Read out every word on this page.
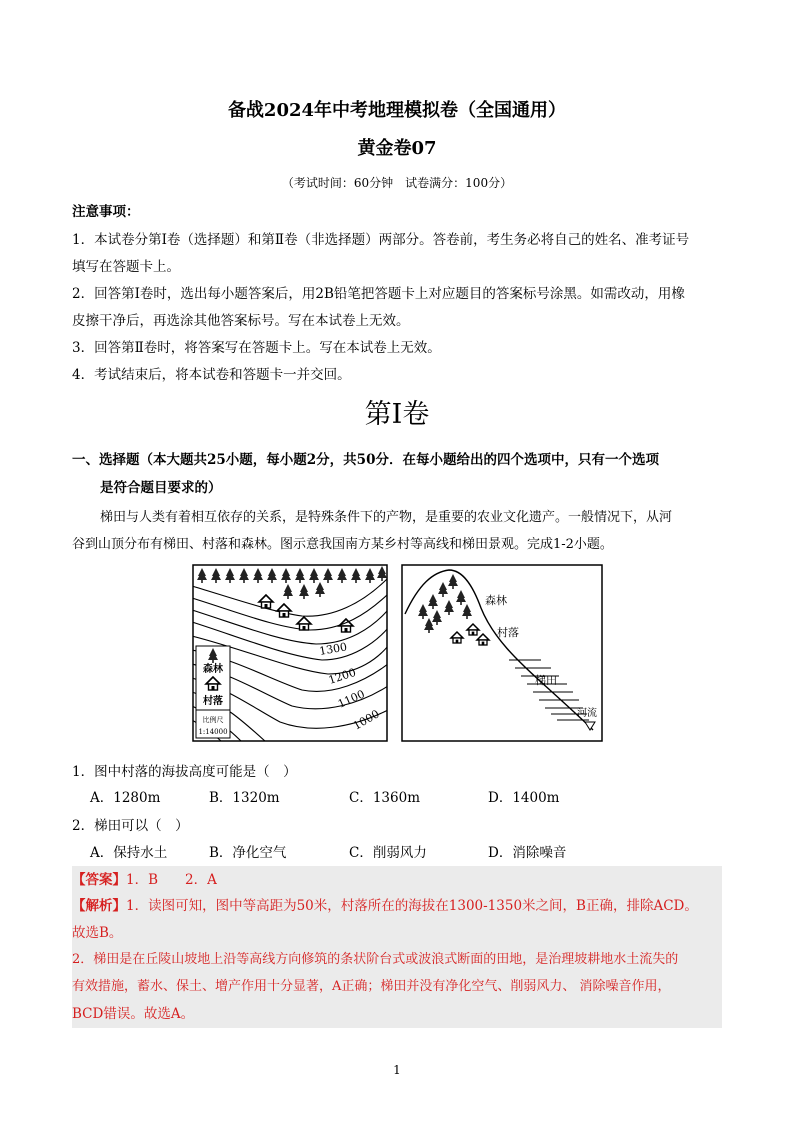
备战2024年中考地理模拟卷（全国通用）
黄金卷07
（考试时间：60分钟　试卷满分：100分）
注意事项：
1．本试卷分第Ⅰ卷（选择题）和第Ⅱ卷（非选择题）两部分。答卷前，考生务必将自己的姓名、准考证号
填写在答题卡上。
2．回答第Ⅰ卷时，选出每小题答案后，用2B铅笔把答题卡上对应题目的答案标号涂黑。如需改动，用橡
皮擦干净后，再选涂其他答案标号。写在本试卷上无效。
3．回答第Ⅱ卷时，将答案写在答题卡上。写在本试卷上无效。
4．考试结束后，将本试卷和答题卡一并交回。
第Ⅰ卷
一、选择题（本大题共25小题，每小题2分，共50分．在每小题给出的四个选项中，只有一个选项
是符合题目要求的）
梯田与人类有着相互依存的关系，是特殊条件下的产物，是重要的农业文化遗产。一般情况下，从河
谷到山顶分布有梯田、村落和森林。图示意我国南方某乡村等高线和梯田景观。完成1-2小题。
1300
1200
1100
1000
森林
村落
比例尺
1:14000
森林
村落
梯田
河流
1．图中村落的海拔高度可能是（　）
A．1280m	B．1320m	C．1360m	D．1400m
2．梯田可以（　）
A．保持水土	B．净化空气	C．削弱风力	D．消除噪音
【答案】1．B　　2．A
【解析】1．读图可知，图中等高距为50米，村落所在的海拔在1300-1350米之间，B正确，排除ACD。
故选B。
2．梯田是在丘陵山坡地上沿等高线方向修筑的条状阶台式或波浪式断面的田地，是治理坡耕地水土流失的
有效措施，蓄水、保土、增产作用十分显著，A正确；梯田并没有净化空气、削弱风力、 消除噪音作用，
BCD错误。故选A。
1
